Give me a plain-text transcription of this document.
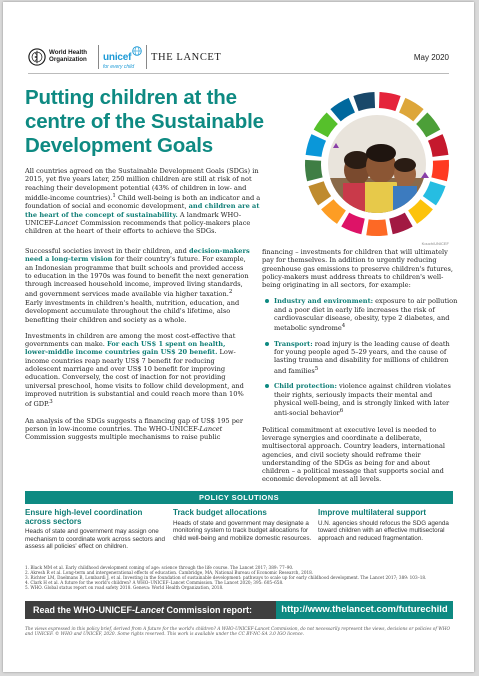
World Health
Organization	unicef
for every child
THE LANCET	May 2020
Putting children at the
centre of the Sustainable
Development Goals
Kouch/UNICEF

All countries agreed on the Sustainable Development Goals (SDGs) in 2015, yet five years later, 250 million children are still at risk of not reaching their development potential (43% of children in low- and middle-income countries).$^1$ Child well-being is both an indicator and a foundation of social and economic development, and children are at the heart of the concept of sustainability. A landmark WHO-UNICEF-Lancet Commission recommends that policy-makers place children at the heart of their efforts to achieve the SDGs.

Successful societies invest in their children, and decision-makers need a long-term vision for their country's future. For example, an Indonesian programme that built schools and provided access to education in the 1970s was found to benefit the next generation through increased household income, improved living standards, and government services made available via higher taxation.$^2$ Early investments in children's health, nutrition, education, and development accumulate throughout the child's lifetime, also benefiting their children and society as a whole.

Investments in children are among the most cost-effective that governments can make. For each US$ 1 spent on health, lower-middle income countries gain US$ 20 benefit. Low-income countries reap nearly US$ 7 benefit for reducing adolescent marriage and over US$ 10 benefit for improving education. Conversely, the cost of inaction for not providing universal preschool, home visits to follow child development, and improved nutrition is substantial and could reach more than 10% of GDP.$^3$

An analysis of the SDGs suggests a financing gap of US$ 195 per person in low-income countries. The WHO-UNICEF-Lancet Commission suggests multiple mechanisms to raise public

financing – investments for children that will ultimately pay for themselves. In addition to urgently reducing greenhouse gas emissions to preserve children's futures, policy-makers must address threats to children's well-being originating in all sectors, for example:

Industry and environment: exposure to air pollution and a poor diet in early life increases the risk of cardiovascular disease, obesity, type 2 diabetes, and metabolic syndrome$^4$
Transport: road injury is the leading cause of death for young people aged 5–29 years, and the cause of lasting trauma and disability for millions of children and families$^5$
Child protection: violence against children violates their rights, seriously impacts their mental and physical well-being, and is strongly linked with later anti-social behavior$^6$

Political commitment at executive level is needed to leverage synergies and coordinate a deliberate, multisectoral approach. Country leaders, international agencies, and civil society should reframe their understanding of the SDGs as being for and about children – a political message that supports social and economic development at all levels.

POLICY SOLUTIONS
Ensure high-level coordination across sectors

Heads of state and government may assign one mechanism to coordinate work across sectors and assess all policies' effect on children.

Track budget allocations

Heads of state and government may designate a monitoring system to track budget allocations for child well-being and mobilize domestic resources.

Improve multilateral support

U.N. agencies should refocus the SDG agenda toward children with an effective multisectoral approach and reduced fragmentation.

1. Black MM et al. Early childhood development coming of age: science through the life course. The Lancet 2017; 389: 77–90.
2. Akresh R et al. Long-term and intergenerational effects of education. Cambridge, MA, National Bureau of Economic Research, 2018.
3. Richter LM, Daelmans B, Lombardi J, et al. Investing in the foundation of sustainable development: pathways to scale up for early childhood development. The Lancet 2017; 389: 103–18.
4. Clark H et al. A future for the world's children? A WHO–UNICEF–Lancet Commission. The Lancet 2020; 395: 605–658.
5. WHO. Global status report on road safety 2018. Geneva: World Health Organization, 2018.
Read the WHO-UNICEF-Lancet Commission report:	http://www.thelancet.com/futurechild
The views expressed in this policy brief, derived from A future for the world's children? A WHO-UNICEF-Lancet Commission, do not necessarily represent the views, decisions or policies of WHO and UNICEF. © WHO and UNICEF, 2020. Some rights reserved. This work is available under the CC BY-NC-SA 3.0 IGO licence.
